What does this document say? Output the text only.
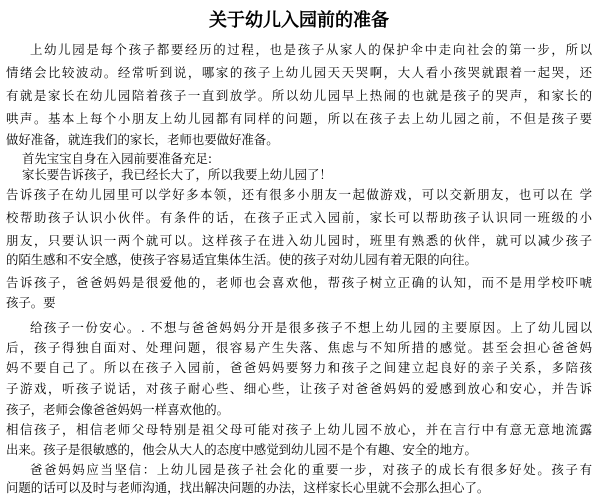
关于幼儿入园前的准备
上幼儿园是每个孩子都要经历的过程，也是孩子从家人的保护伞中走向社会的第一步，所以
情绪会比较波动。经常听到说，哪家的孩子上幼儿园天天哭啊，大人看小孩哭就跟着一起哭，还
有就是家长在幼儿园陪着孩子一直到放学。所以幼儿园早上热闹的也就是孩子的哭声，和家长的
哄声。基本上每个小朋友上幼儿园都有同样的问题，所以在孩子去上幼儿园之前，不但是孩子要
做好准备，就连我们的家长，老师也要做好准备。
首先宝宝自身在入园前要准备充足:
家长要告诉孩子，我已经长大了，所以我要上幼儿园了！
告诉孩子在幼儿园里可以学好多本领，还有很多小朋友一起做游戏，可以交新朋友，也可以在 学
校帮助孩子认识小伙伴。有条件的话，在孩子正式入园前，家长可以帮助孩子认识同一班级的小
朋友，只要认识一两个就可以。这样孩子在进入幼儿园时，班里有熟悉的伙伴，就可以减少孩子
的陌生感和不安全感，使孩子容易适宜集体生活。使的孩子对幼儿园有着无限的向往。
告诉孩子，爸爸妈妈是很爱他的，老师也会喜欢他，帮孩子树立正确的认知，而不是用学校吓唬
孩子。要
给孩子一份安心。. 不想与爸爸妈妈分开是很多孩子不想上幼儿园的主要原因。上了幼儿园以
后，孩子得独自面对、处理问题，很容易产生失落、焦虑与不知所措的感觉。甚至会担心爸爸妈
妈不要自己了。所以在孩子入园前，爸爸妈妈要努力和孩子之间建立起良好的亲子关系，多陪孩
子游戏，听孩子说话，对孩子耐心些、细心些，让孩子对爸爸妈妈的爱感到放心和安心，并告诉
孩子，老师会像爸爸妈妈一样喜欢他的。
相信孩子，相信老师父母特别是祖父母可能对孩子上幼儿园不放心，并在言行中有意无意地流露
出来。孩子是很敏感的，他会从大人的态度中感觉到幼儿园不是个有趣、安全的地方。
爸爸妈妈应当坚信：上幼儿园是孩子社会化的重要一步，对孩子的成长有很多好处。孩子有
问题的话可以及时与老师沟通，找出解决问题的办法，这样家长心里就不会那么担心了。
